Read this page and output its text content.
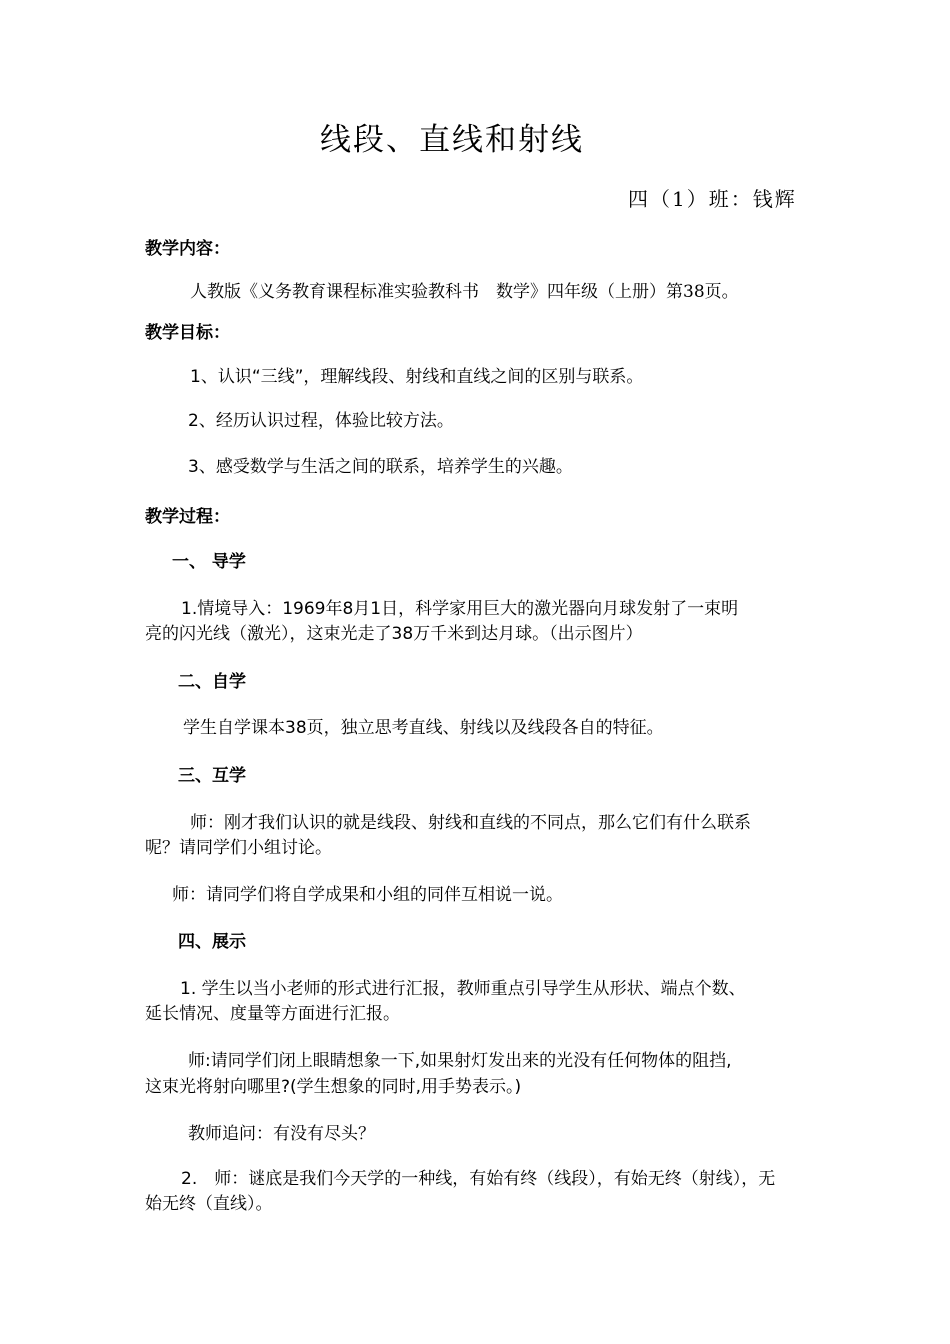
线段、直线和射线
四（1）班：钱辉
教学内容：
人教版《义务教育课程标准实验教科书　数学》四年级（上册）第38页。
教学目标：
1、认识“三线”，理解线段、射线和直线之间的区别与联系。
2、经历认识过程，体验比较方法。
3、感受数学与生活之间的联系，培养学生的兴趣。
教学过程：
一、 导学
1.情境导入：1969年8月1日，科学家用巨大的激光器向月球发射了一束明
亮的闪光线（激光），这束光走了38万千米到达月球。（出示图片）
二、自学
学生自学课本38页，独立思考直线、射线以及线段各自的特征。
三、互学
师：刚才我们认识的就是线段、射线和直线的不同点，那么它们有什么联系
呢？请同学们小组讨论。
师：请同学们将自学成果和小组的同伴互相说一说。
四、展示
1. 学生以当小老师的形式进行汇报，教师重点引导学生从形状、端点个数、
延长情况、度量等方面进行汇报。
师:请同学们闭上眼睛想象一下,如果射灯发出来的光没有任何物体的阻挡,
这束光将射向哪里?(学生想象的同时,用手势表示。)
教师追问：有没有尽头？
2.　师：谜底是我们今天学的一种线，有始有终（线段），有始无终（射线），无
始无终（直线）。
